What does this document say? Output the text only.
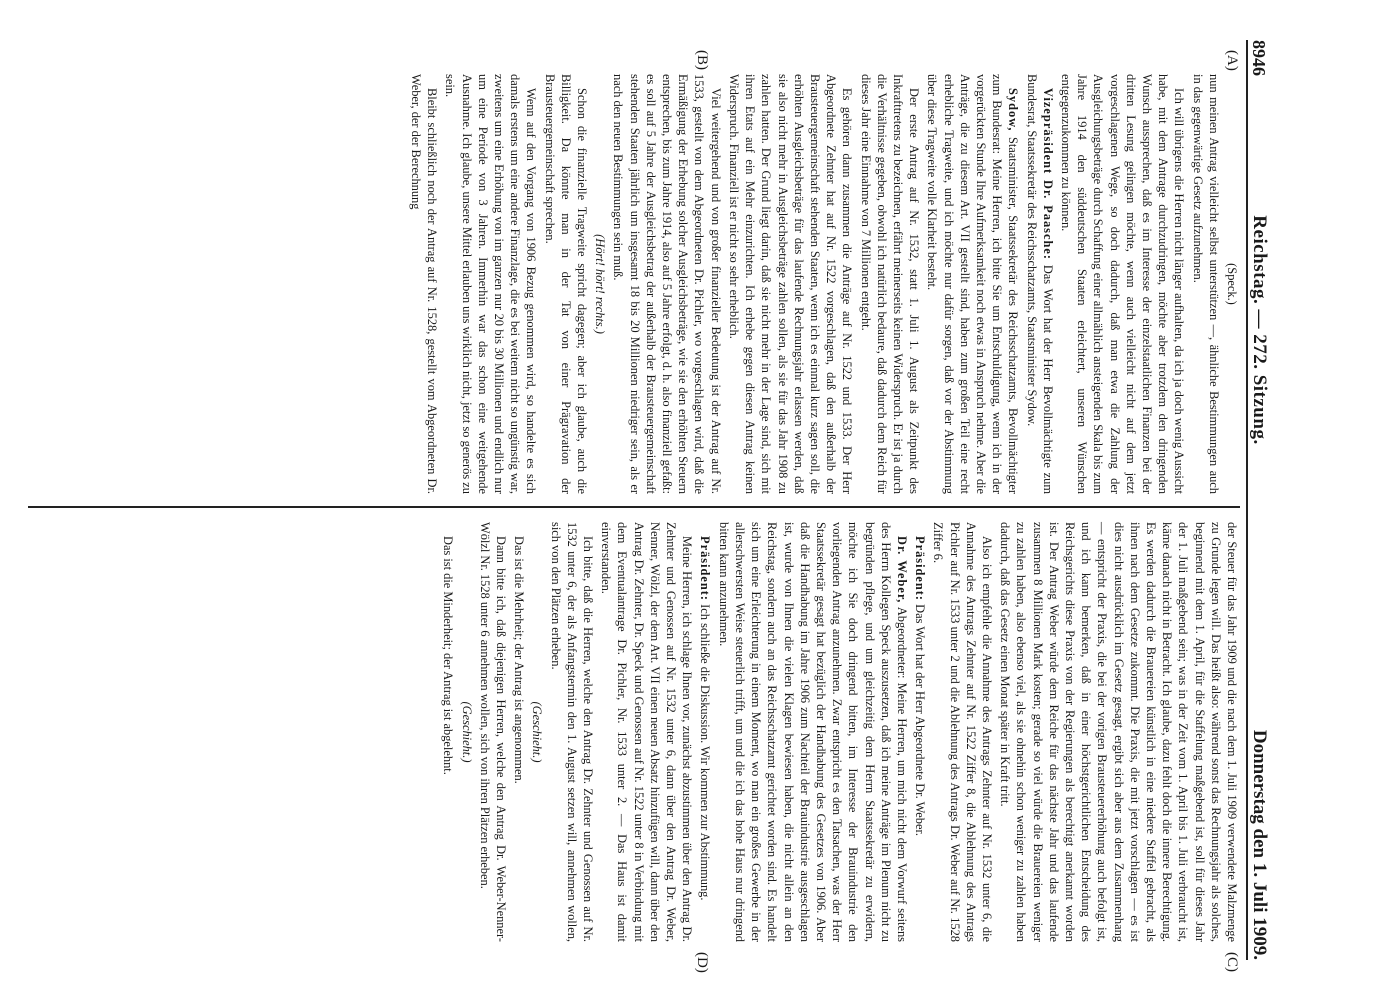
8946
Reichstag. — 272. Sitzung.
Donnerstag den 1. Juli 1909.
(A)
(B)
(C)
(D)

(Speck.)

nun meinen Antrag vielleicht selbst unterstützen —, ähnliche Bestimmungen auch in das gegenwärtige Gesetz aufzunehmen.

Ich will übrigens die Herren nicht länger aufhalten, da ich ja doch wenig Aussicht habe, mit dem Antrage durchzudringen, möchte aber trotzdem den dringenden Wunsch aussprechen, daß es im Interesse der einzelstaatlichen Finanzen bei der dritten Lesung gelingen möchte, wenn auch vielleicht nicht auf dem jetzt vorgeschlagenen Wege, so doch dadurch, daß man etwa die Zahlung der Ausgleichungsbeträge durch Schaffung einer allmählich ansteigenden Skala bis zum Jahre 1914 den süddeutschen Staaten erleichtert, unseren Wünschen entgegenzukommen zu können.

Vizepräsident Dr. Paasche: Das Wort hat der Herr Bevollmächtigte zum Bundesrat, Staatssekretär des Reichsschatzamts, Staatsminister Sydow.

Sydow, Staatsminister, Staatssekretär des Reichsschatzamts, Bevollmächtigter zum Bundesrat: Meine Herren, ich bitte Sie um Entschuldigung, wenn ich in der vorgerückten Stunde Ihre Aufmerksamkeit noch etwas in Anspruch nehme. Aber die Anträge, die zu diesem Art. VII gestellt sind, haben zum großen Teil eine recht erhebliche Tragweite, und ich möchte nur dafür sorgen, daß vor der Abstimmung über diese Tragweite volle Klarheit besteht.

Der erste Antrag auf Nr. 1532, statt 1. Juli 1. August als Zeitpunkt des Inkrafttretens zu bezeichnen, erfährt meinerseits keinen Widerspruch. Er ist ja durch die Verhältnisse gegeben, obwohl ich natürlich bedaure, daß dadurch dem Reich für dieses Jahr eine Einnahme von 7 Millionen entgeht.

Es gehören dann zusammen die Anträge auf Nr. 1522 und 1533. Der Herr Abgeordnete Zehnter hat auf Nr. 1522 vorgeschlagen, daß den außerhalb der Brausteuergemeinschaft stehenden Staaten, wenn ich es einmal kurz sagen soll, die erhöhten Ausgleichsbeträge für das laufende Rechnungsjahr erlassen werden, daß sie also nicht mehr in Ausgleichsbeträge zahlen sollen, als sie für das Jahr 1908 zu zahlen hatten. Der Grund liegt darin, daß sie nicht mehr in der Lage sind, sich mit ihren Etats auf ein Mehr einzurichten. Ich erhebe gegen diesen Antrag keinen Widerspruch. Finanziell ist er nicht so sehr erheblich.

Viel weitergehend und von großer finanzieller Bedeutung ist der Antrag auf Nr. 1533, gestellt von dem Abgeordneten Dr. Pichler, wo vorgeschlagen wird, daß die Ermäßigung der Erhebung solcher Ausgleichsbeträge, wie sie den erhöhten Steuern entsprechen, bis zum Jahre 1914, also auf 5 Jahre erfolgt, d. h. also finanziell gefaßt: es soll auf 5 Jahre der Ausgleichsbetrag der außerhalb der Brausteuergemeinschaft stehenden Staaten jährlich um insgesamt 18 bis 20 Millionen niedriger sein, als er nach den neuen Bestimmungen sein muß.

(Hört! hört! rechts.)

Schon die finanzielle Tragweite spricht dagegen; aber ich glaube, auch die Billigkeit. Da könnte man in der Tat von einer Prägravation der Brausteuergemeinschaft sprechen.

Wenn auf den Vorgang von 1906 Bezug genommen wird, so handelte es sich damals erstens um eine andere Finanzlage, die es bei weitem nicht so ungünstig war, zweitens um eine Erhöhung von im ganzen nur 20 bis 30 Millionen und endlich nur um eine Periode von 3 Jahren. Immerhin war das schon eine weitgehende Ausnahme. Ich glaube, unsere Mittel erlauben uns wirklich nicht, jetzt so generös zu sein.

Bleibt schließlich noch der Antrag auf Nr. 1528, gestellt vom Abgeordneten Dr. Weber, der der Berechnung

der Steuer für das Jahr 1909 und die nach dem 1. Juli 1909 verwendete Malzmenge zu Grunde legen will. Das heißt also: während sonst das Rechnungsjahr als solches, beginnend mit dem 1. April, für die Staffelung maßgebend ist, soll für dieses Jahr der 1. Juli maßgebend sein; was in der Zeit vom 1. April bis 1. Juli verbraucht ist, käme danach nicht in Betracht. Ich glaube, dazu fehlt doch die innere Berechtigung. Es werden dadurch die Brauereien künstlich in eine niedere Staffel gebracht, als ihnen nach dem Gesetze zukommt. Die Praxis, die mit jetzt vorschlagen — es ist dies nicht ausdrücklich im Gesetz gesagt, ergibt sich aber aus dem Zusammenhang — entspricht der Praxis, die bei der vorigen Brausteuererhöhung auch befolgt ist, und ich kann bemerken, daß in einer höchstgerichtlichen Entscheidung des Reichsgerichts diese Praxis von der Regierungen als berechtigt anerkannt worden ist. Der Antrag Weber würde dem Reiche für das nächste Jahr und das laufende zusammen 8 Millionen Mark kosten; gerade so viel würde die Brauereien weniger zu zahlen haben, also ebenso viel, als sie ohnehin schon weniger zu zahlen haben dadurch, daß das Gesetz einen Monat später in Kraft tritt.

Also ich empfehle die Annahme des Antrags Zehnter auf Nr. 1532 unter 6, die Annahme des Antrags Zehnter auf Nr. 1522 Ziffer 8, die Ablehnung des Antrags Pichler auf Nr. 1533 unter 2 und die Ablehnung des Antrags Dr. Weber auf Nr. 1528 Ziffer 6.

Präsident: Das Wort hat der Herr Abgeordnete Dr. Weber.

Dr. Weber, Abgeordneter: Meine Herren, um mich nicht dem Vorwurf seitens des Herrn Kollegen Speck auszusetzen, daß ich meine Anträge im Plenum nicht zu begründen pflege, und um gleichzeitig dem Herrn Staatssekretär zu erwidern, möchte ich Sie doch dringend bitten, im Interesse der Brauindustrie den vorliegenden Antrag anzunehmen. Zwar entspricht es den Tatsachen, was der Herr Staatssekretär gesagt hat bezüglich der Handhabung des Gesetzes von 1906. Aber daß die Handhabung im Jahre 1906 zum Nachteil der Brauindustrie ausgeschlagen ist, wurde von Ihnen die vielen Klagen bewiesen haben, die nicht allein an den Reichstag, sondern auch an das Reichsschatzamt gerichtet worden sind. Es handelt sich um eine Erleichterung in einem Moment, wo man ein großes Gewerbe in der allerschwersten Weise steuerlich trifft, um und die ich das hohe Haus nur dringend bitten kann anzunehmen.

Präsident: Ich schließe die Diskussion. Wir kommen zur Abstimmung.

Meine Herren, ich schlage Ihnen vor, zunächst abzustimmen über den Antrag Dr. Zehnter und Genossen auf Nr. 1532 unter 6, dann über den Antrag Dr. Weber, Nenner, Wölzl, der dem Art. VII einen neuen Absatz hinzufügen will, dann über den Antrag Dr. Zehnter, Dr. Speck und Genossen auf Nr. 1522 unter 8 in Verbindung mit dem Eventualantrage Dr. Pichler, Nr. 1533 unter 2. — Das Haus ist damit einverstanden.

Ich bitte, daß die Herren, welche den Antrag Dr. Zehnter und Genossen auf Nr. 1532 unter 6, der als Anfangstermin den 1. August setzen will, annehmen wollen, sich von den Plätzen erheben.

(Geschieht.)

Das ist die Mehrheit; der Antrag ist angenommen.

Dann bitte ich, daß diejenigen Herren, welche den Antrag Dr. Weber-Nenner-Wölzl Nr. 1528 unter 6 annehmen wollen, sich von ihren Plätzen erheben.

(Geschieht.)

Das ist die Minderheit; der Antrag ist abgelehnt.
